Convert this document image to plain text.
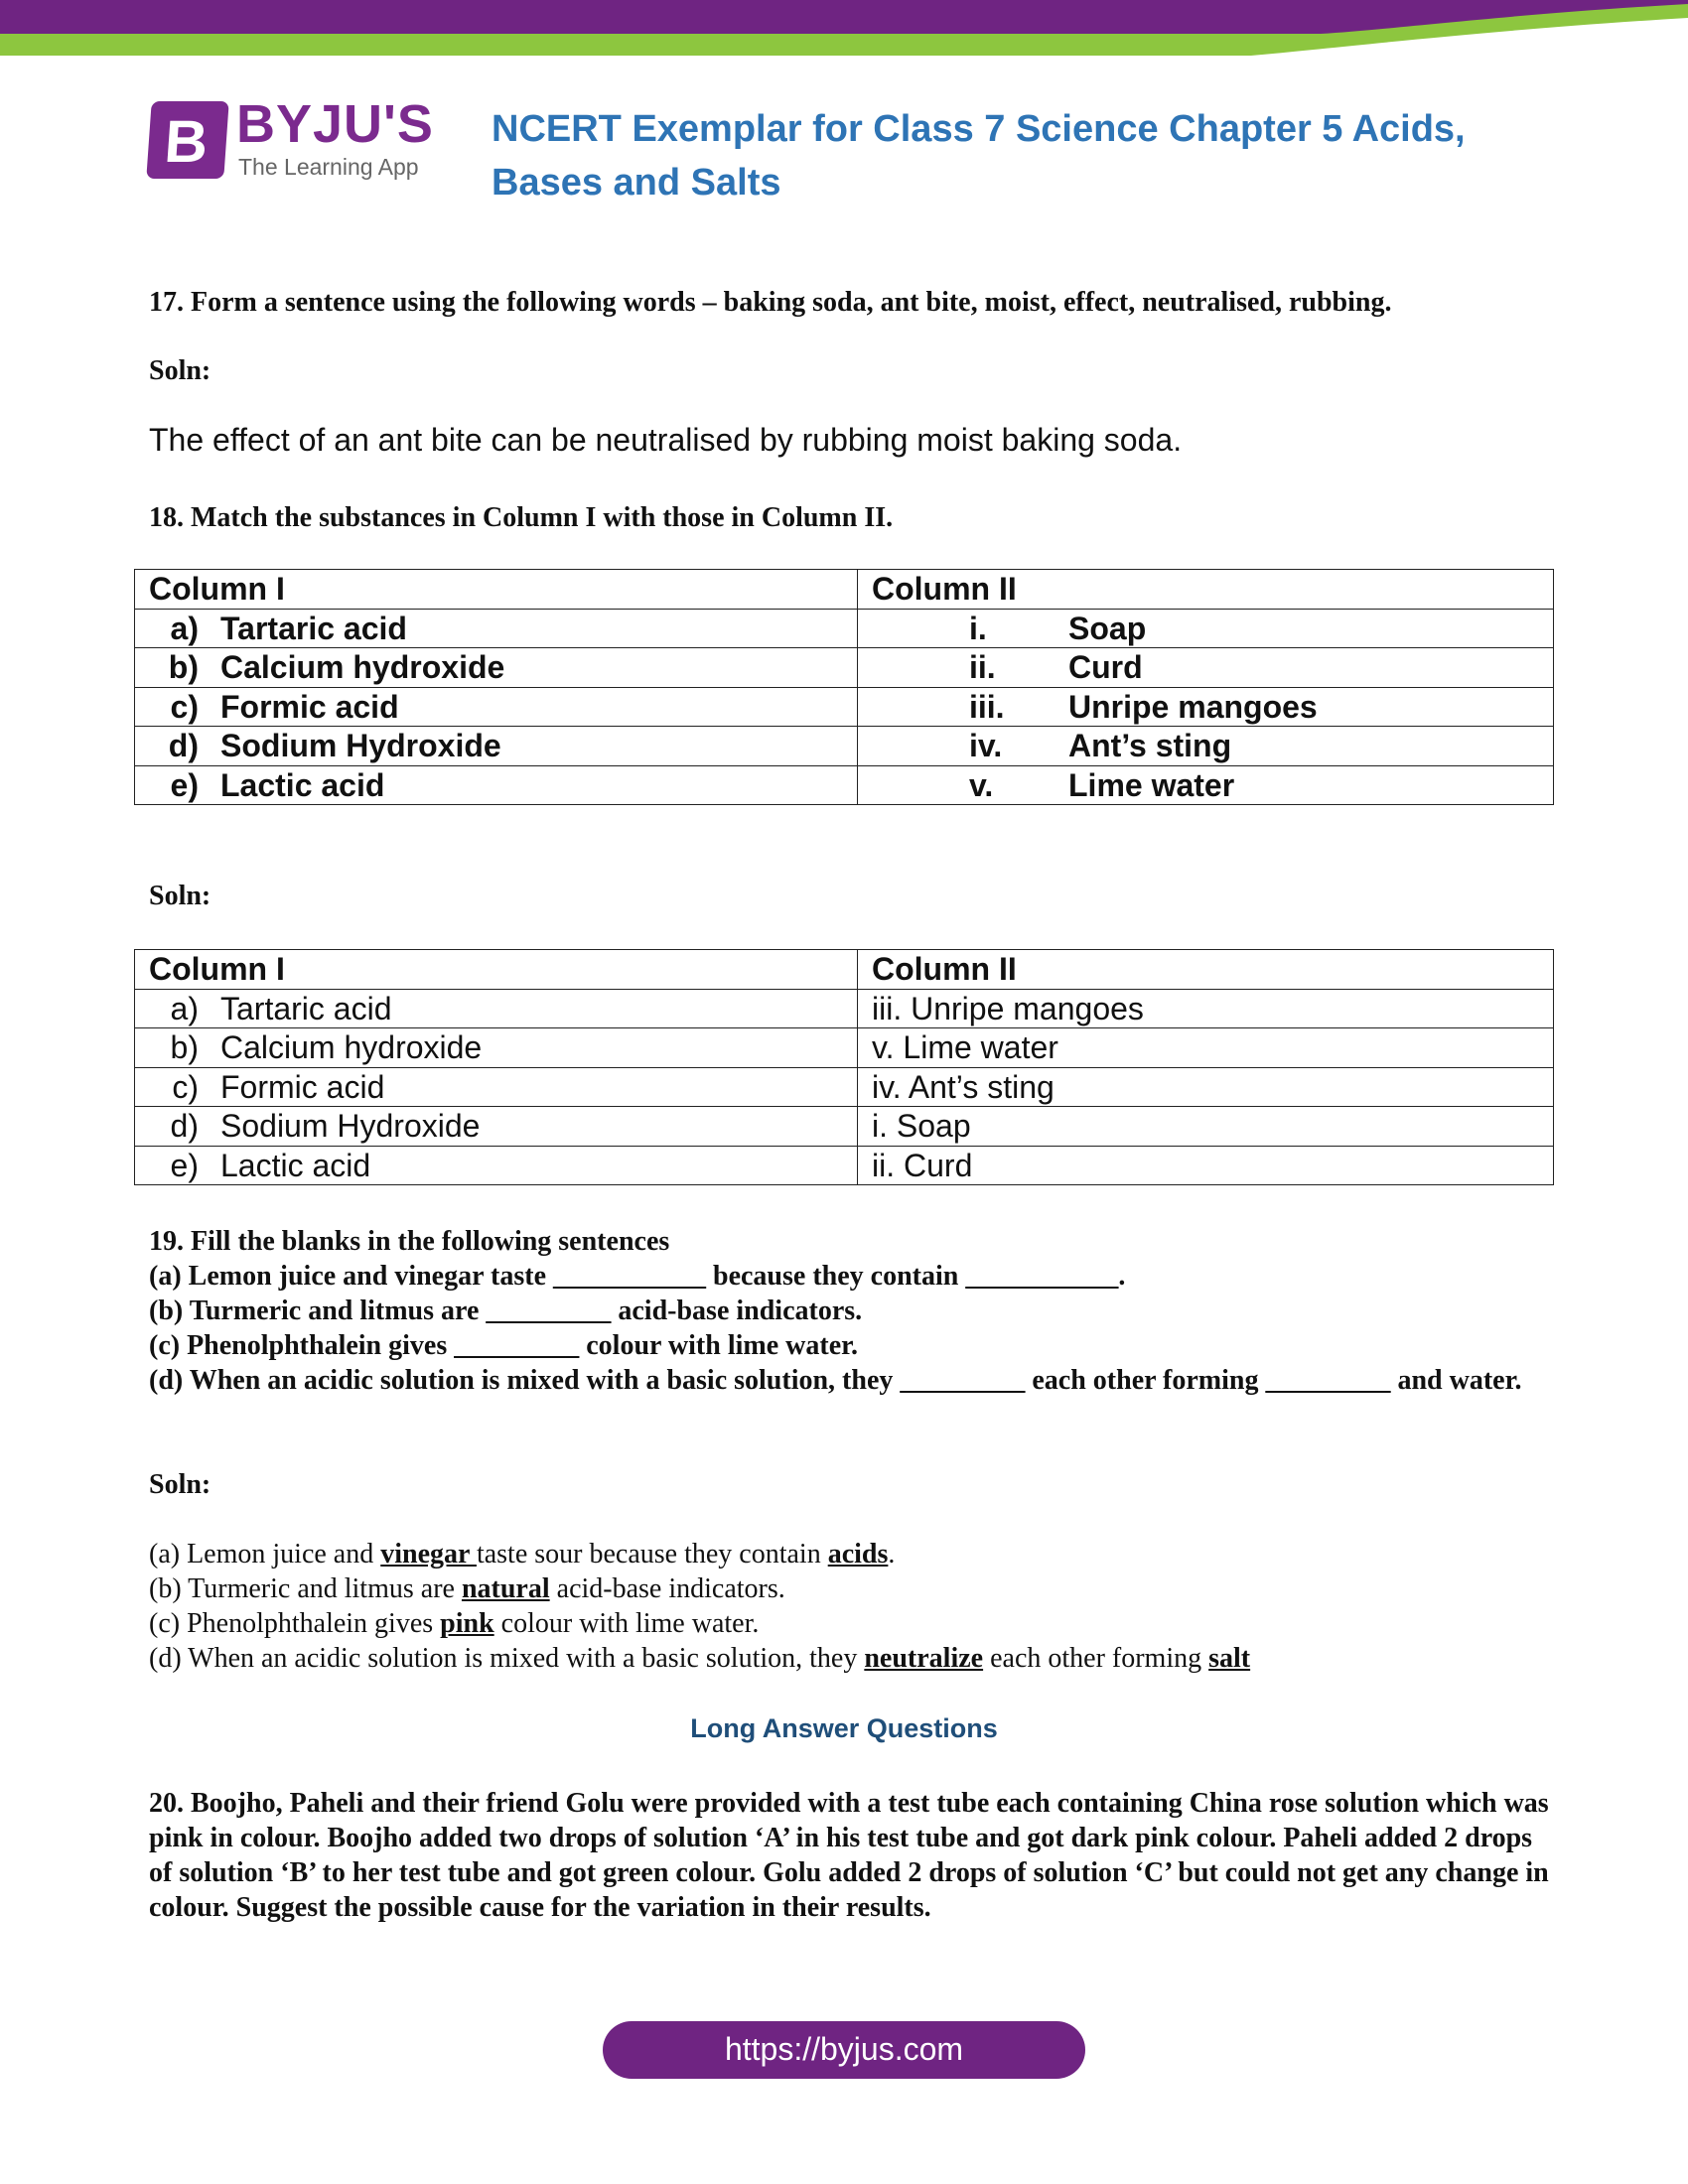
B BYJU'S
The Learning App
NCERT Exemplar for Class 7 Science Chapter 5 Acids, Bases and Salts
17. Form a sentence using the following words – baking soda, ant bite, moist, effect, neutralised, rubbing.
Soln:
The effect of an ant bite can be neutralised by rubbing moist baking soda.
18. Match the substances in Column I with those in Column II.
Column I	Column II
a) Tartaric acid	i. Soap
b) Calcium hydroxide	ii. Curd
c) Formic acid	iii. Unripe mangoes
d) Sodium Hydroxide	iv. Ant’s sting
e) Lactic acid	v. Lime water
Soln:
Column I	Column II
a) Tartaric acid	iii. Unripe mangoes
b) Calcium hydroxide	v. Lime water
c) Formic acid	iv. Ant’s sting
d) Sodium Hydroxide	i. Soap
e) Lactic acid	ii. Curd
19. Fill the blanks in the following sentences
(a) Lemon juice and vinegar taste ___________ because they contain ___________.
(b) Turmeric and litmus are _________ acid-base indicators.
(c) Phenolphthalein gives _________ colour with lime water.
(d) When an acidic solution is mixed with a basic solution, they _________ each other forming _________ and water.
Soln:
(a) Lemon juice and vinegar taste sour because they contain acids.
(b) Turmeric and litmus are natural acid-base indicators.
(c) Phenolphthalein gives pink colour with lime water.
(d) When an acidic solution is mixed with a basic solution, they neutralize each other forming salt
Long Answer Questions
20. Boojho, Paheli and their friend Golu were provided with a test tube each containing China rose solution which was pink in colour. Boojho added two drops of solution ‘A’ in his test tube and got dark pink colour. Paheli added 2 drops of solution ‘B’ to her test tube and got green colour. Golu added 2 drops of solution ‘C’ but could not get any change in colour. Suggest the possible cause for the variation in their results.
https://byjus.com
